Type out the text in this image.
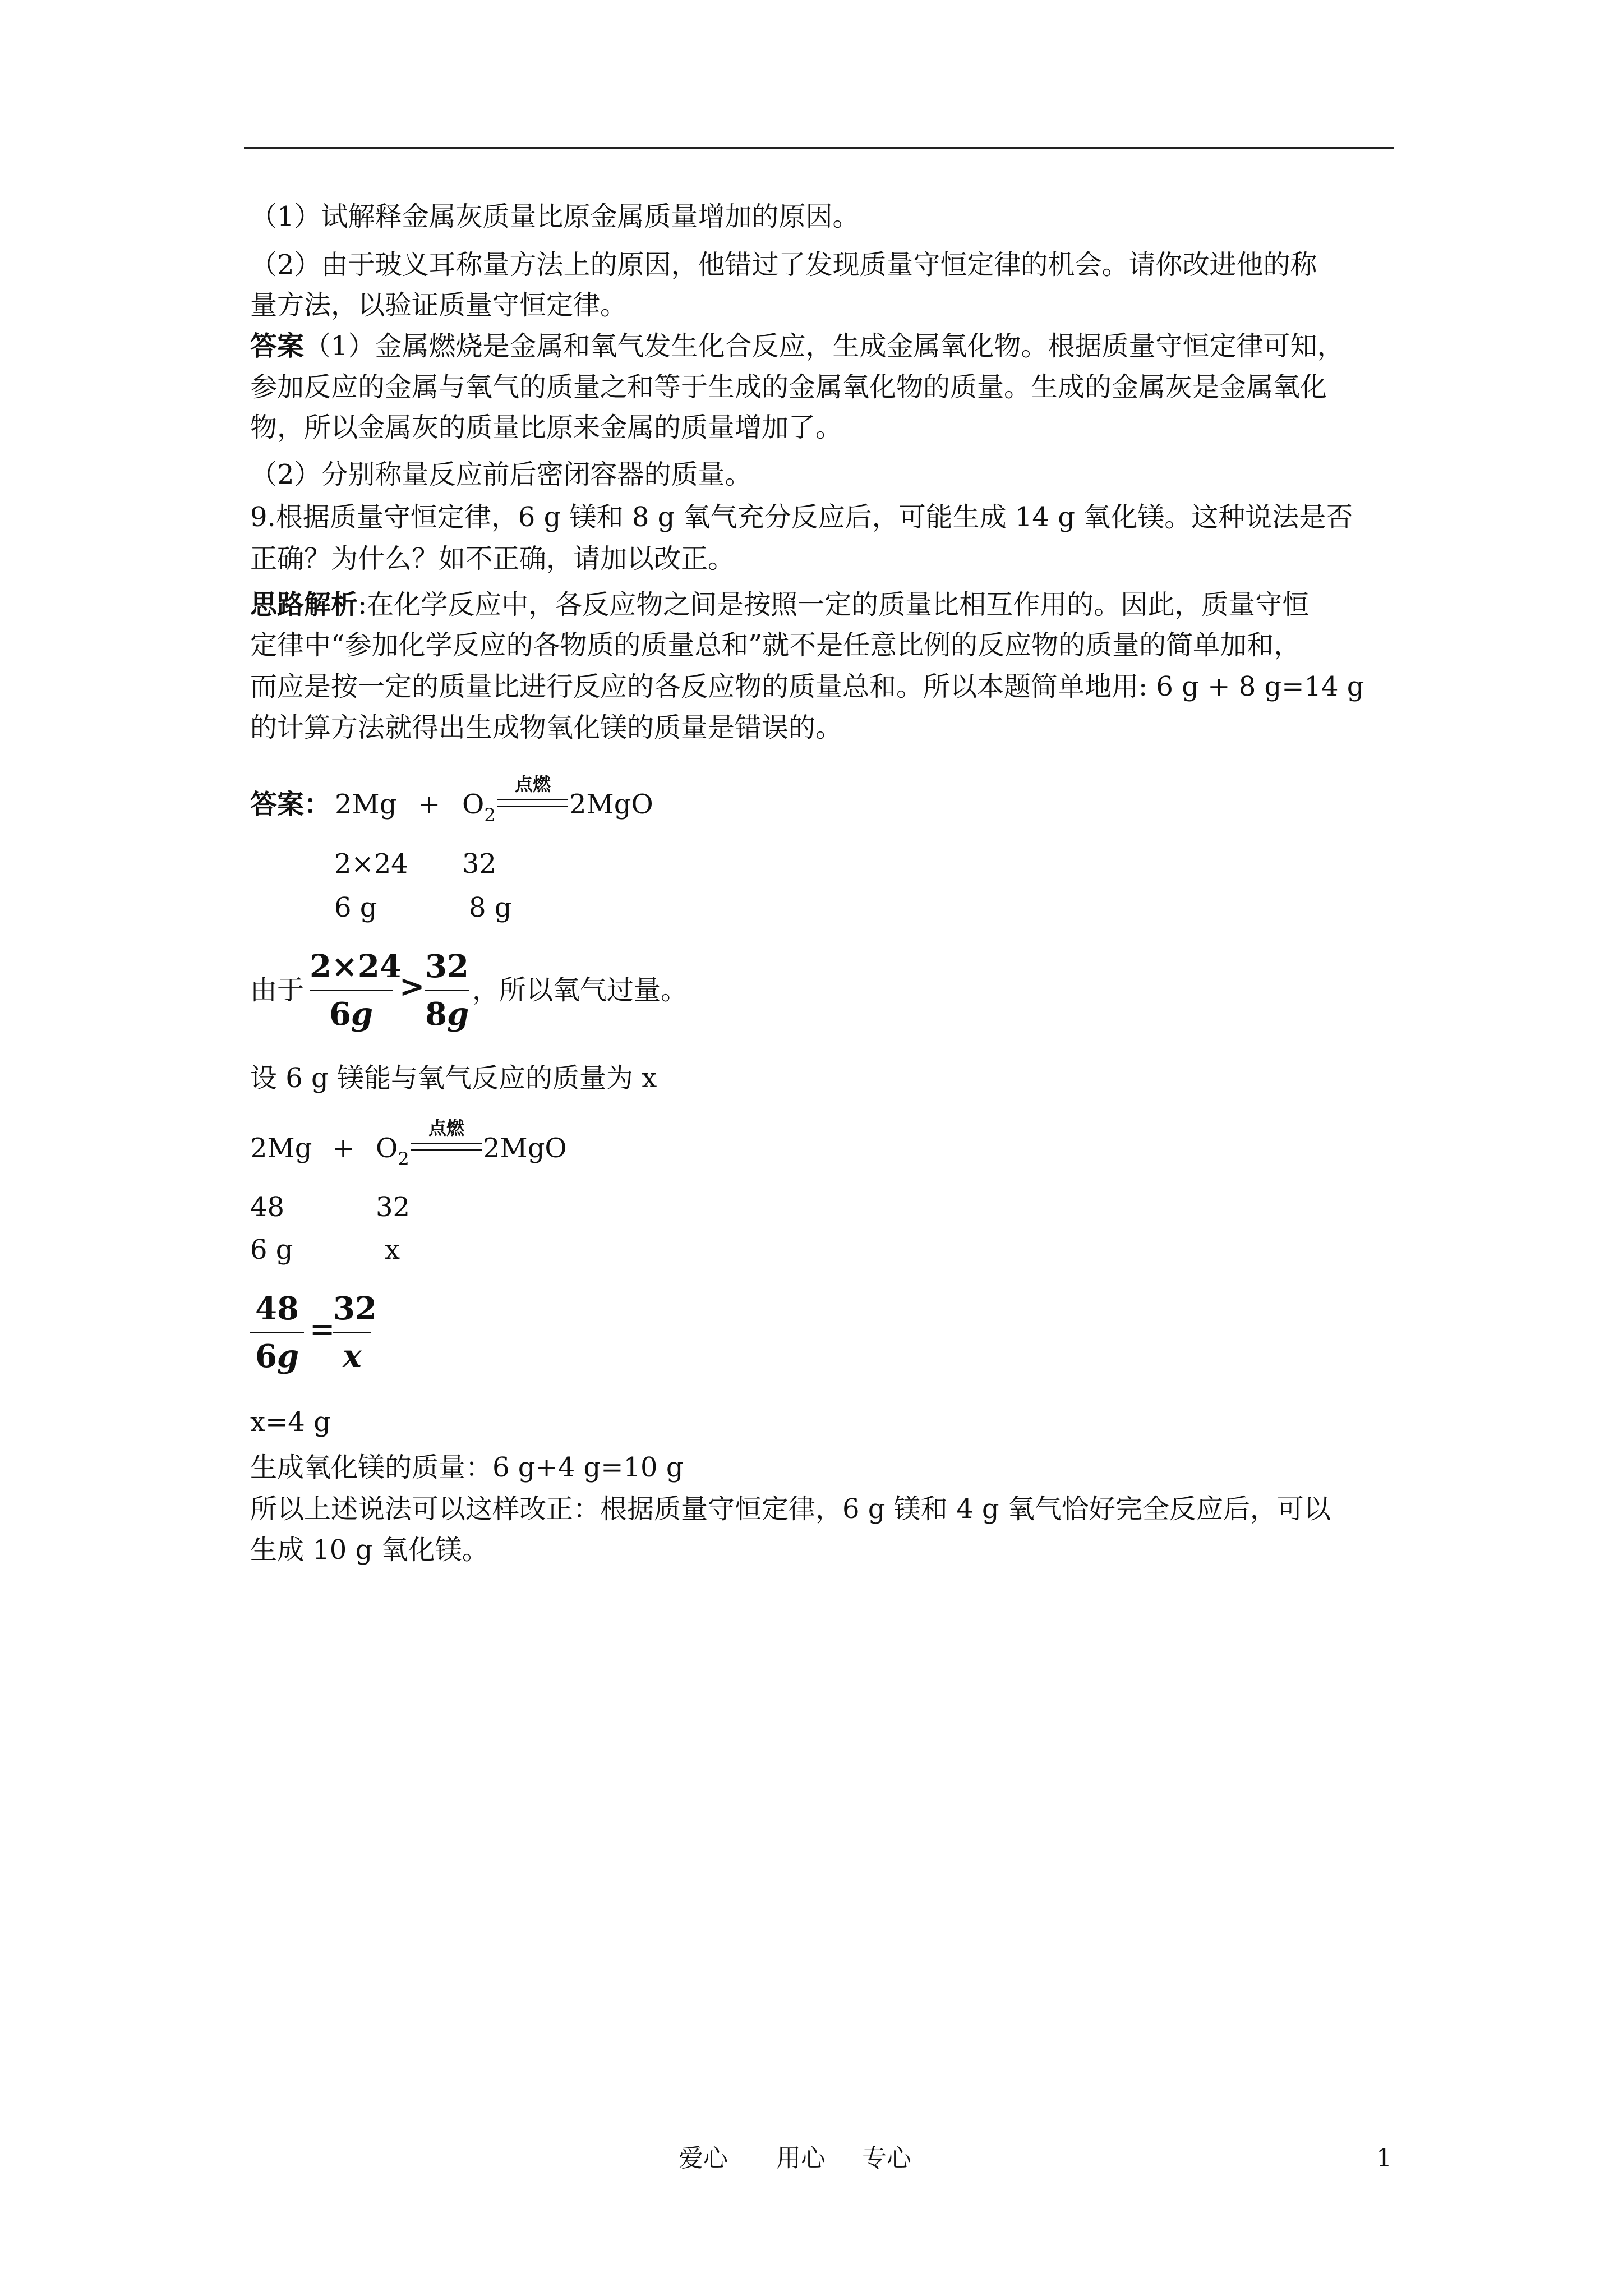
（1）试解释金属灰质量比原金属质量增加的原因。
（2）由于玻义耳称量方法上的原因，他错过了发现质量守恒定律的机会。请你改进他的称
量方法，以验证质量守恒定律。
答案（1）金属燃烧是金属和氧气发生化合反应，生成金属氧化物。根据质量守恒定律可知，
参加反应的金属与氧气的质量之和等于生成的金属氧化物的质量。生成的金属灰是金属氧化
物，所以金属灰的质量比原来金属的质量增加了。
（2）分别称量反应前后密闭容器的质量。
9.根据质量守恒定律，6 g 镁和 8 g 氧气充分反应后，可能生成 14 g 氧化镁。这种说法是否
正确？为什么？如不正确，请加以改正。
思路解析:在化学反应中，各反应物之间是按照一定的质量比相互作用的。因此，质量守恒
定律中“参加化学反应的各物质的质量总和”就不是任意比例的反应物的质量的简单加和，
而应是按一定的质量比进行反应的各反应物的质量总和。所以本题简单地用: 6 g + 8 g=14 g
的计算方法就得出生成物氧化镁的质量是错误的。
答案： $2Mg + O_2$
点燃
2MgO
2×24 32
6 g	8 g
由于
2×24
6g
>
32
8g
，所以氧气过量。
设 6 g 镁能与氧气反应的质量为 x
$2Mg + O_2$
点燃
2MgO
48	32
6 g	x
48
6g
=
32
x
x=4 g
生成氧化镁的质量：6 g+4 g=10 g
所以上述说法可以这样改正：根据质量守恒定律，6 g 镁和 4 g 氧气恰好完全反应后，可以
生成 10 g 氧化镁。
爱心 用心 专心	1
